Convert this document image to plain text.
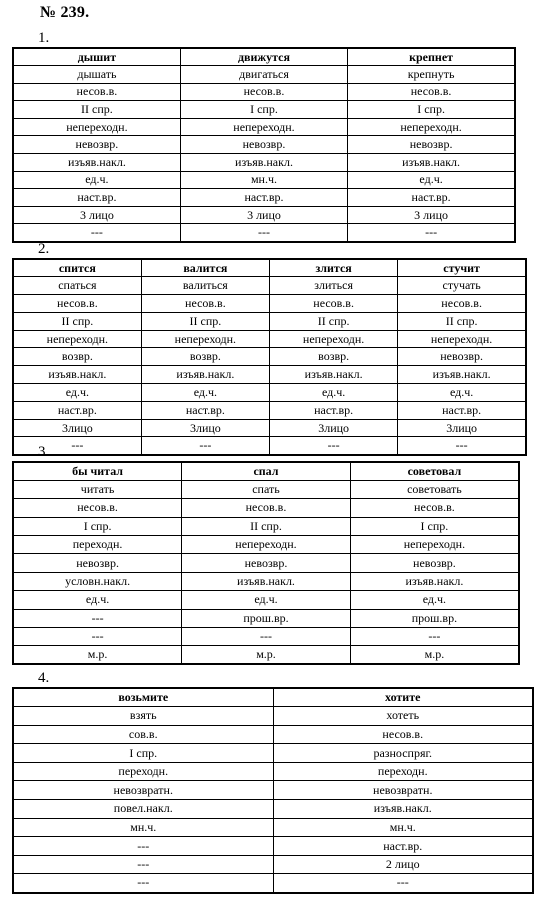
№ 239.
1.
дышит	движутся	крепнет
дышать	двигаться	крепнуть
несов.в.	несов.в.	несов.в.
II спр.	I спр.	I спр.
непереходн.	непереходн.	непереходн.
невозвр.	невозвр.	невозвр.
изъяв.накл.	изъяв.накл.	изъяв.накл.
ед.ч.	мн.ч.	ед.ч.
наст.вр.	наст.вр.	наст.вр.
3 лицо	3 лицо	3 лицо
---	---	---
2.
спится	валится	злится	стучит
спаться	валиться	злиться	стучать
несов.в.	несов.в.	несов.в.	несов.в.
II спр.	II спр.	II спр.	II спр.
непереходн.	непереходн.	непереходн.	непереходн.
возвр.	возвр.	возвр.	невозвр.
изъяв.накл.	изъяв.накл.	изъяв.накл.	изъяв.накл.
ед.ч.	ед.ч.	ед.ч.	ед.ч.
наст.вр.	наст.вр.	наст.вр.	наст.вр.
3лицо	3лицо	3лицо	3лицо
---	---	---	---
3.
бы читал	спал	советовал
читать	спать	советовать
несов.в.	несов.в.	несов.в.
I спр.	II спр.	I спр.
переходн.	непереходн.	непереходн.
невозвр.	невозвр.	невозвр.
условн.накл.	изъяв.накл.	изъяв.накл.
ед.ч.	ед.ч.	ед.ч.
---	прош.вр.	прош.вр.
---	---	---
м.р.	м.р.	м.р.
4.
возьмите	хотите
взять	хотеть
сов.в.	несов.в.
I спр.	разноспряг.
переходн.	переходн.
невозвратн.	невозвратн.
повел.накл.	изъяв.накл.
мн.ч.	мн.ч.
---	наст.вр.
---	2 лицо
---	---
